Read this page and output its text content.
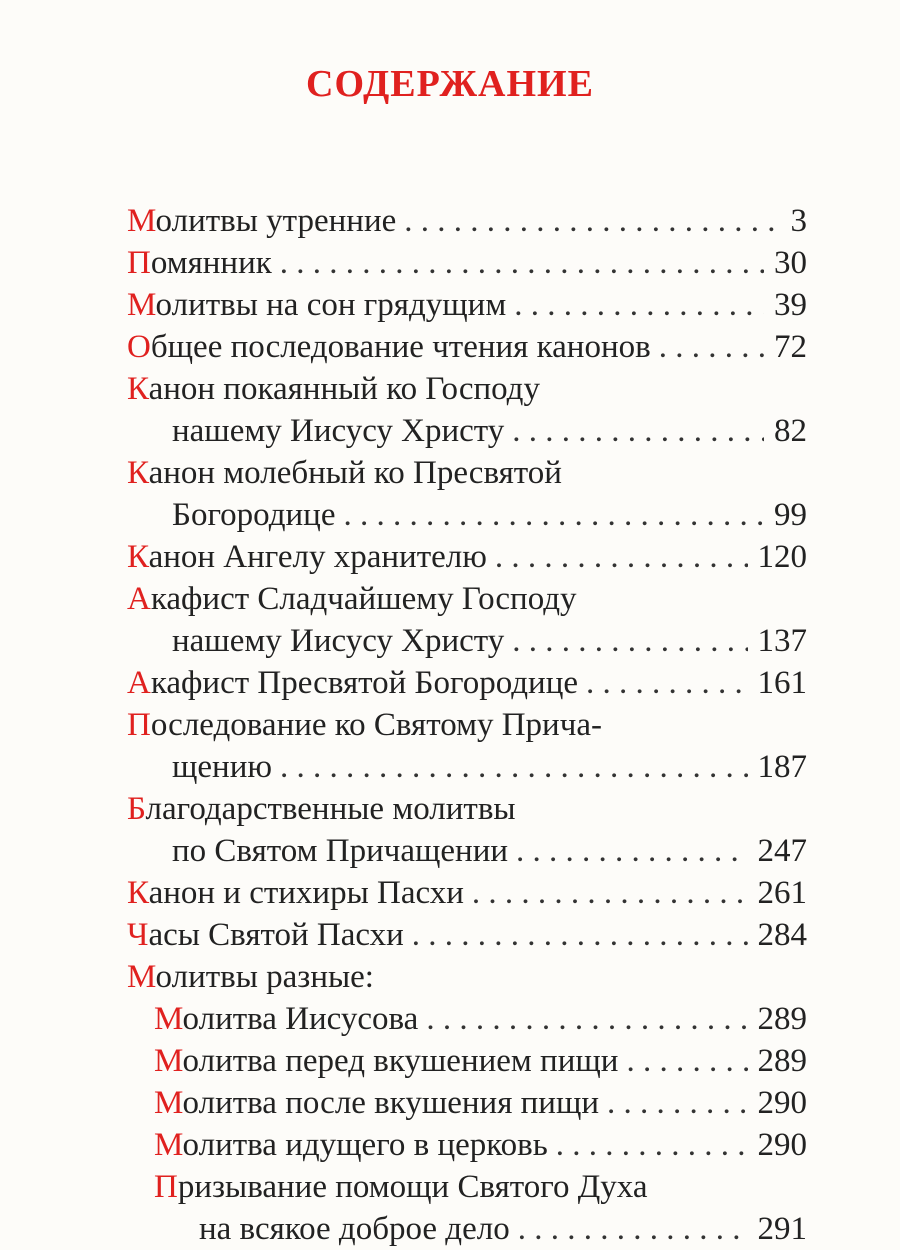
СОДЕРЖАНИЕ
Молитвы утренние . . .	3
Помянник . . .	30
Молитвы на сон грядущим . . .	39
Общее последование чтения канонов . . .	72
Канон покаянный ко Господу
нашему Иисусу Христу . . .	82
Канон молебный ко Пресвятой
Богородице . . .	99
Канон Ангелу хранителю . . .	120
Акафист Сладчайшему Господу
нашему Иисусу Христу . . .	137
Акафист Пресвятой Богородице . . .	161
Последование ко Святому Прича-
щению . . .	187
Благодарственные молитвы
по Святом Причащении . . .	247
Канон и стихиры Пасхи . . .	261
Часы Святой Пасхи . . .	284
Молитвы разные:
Молитва Иисусова . . .	289
Молитва перед вкушением пищи . . .	289
Молитва после вкушения пищи . . .	290
Молитва идущего в церковь . . .	290
Призывание помощи Святого Духа
на всякое доброе дело . . .	291
